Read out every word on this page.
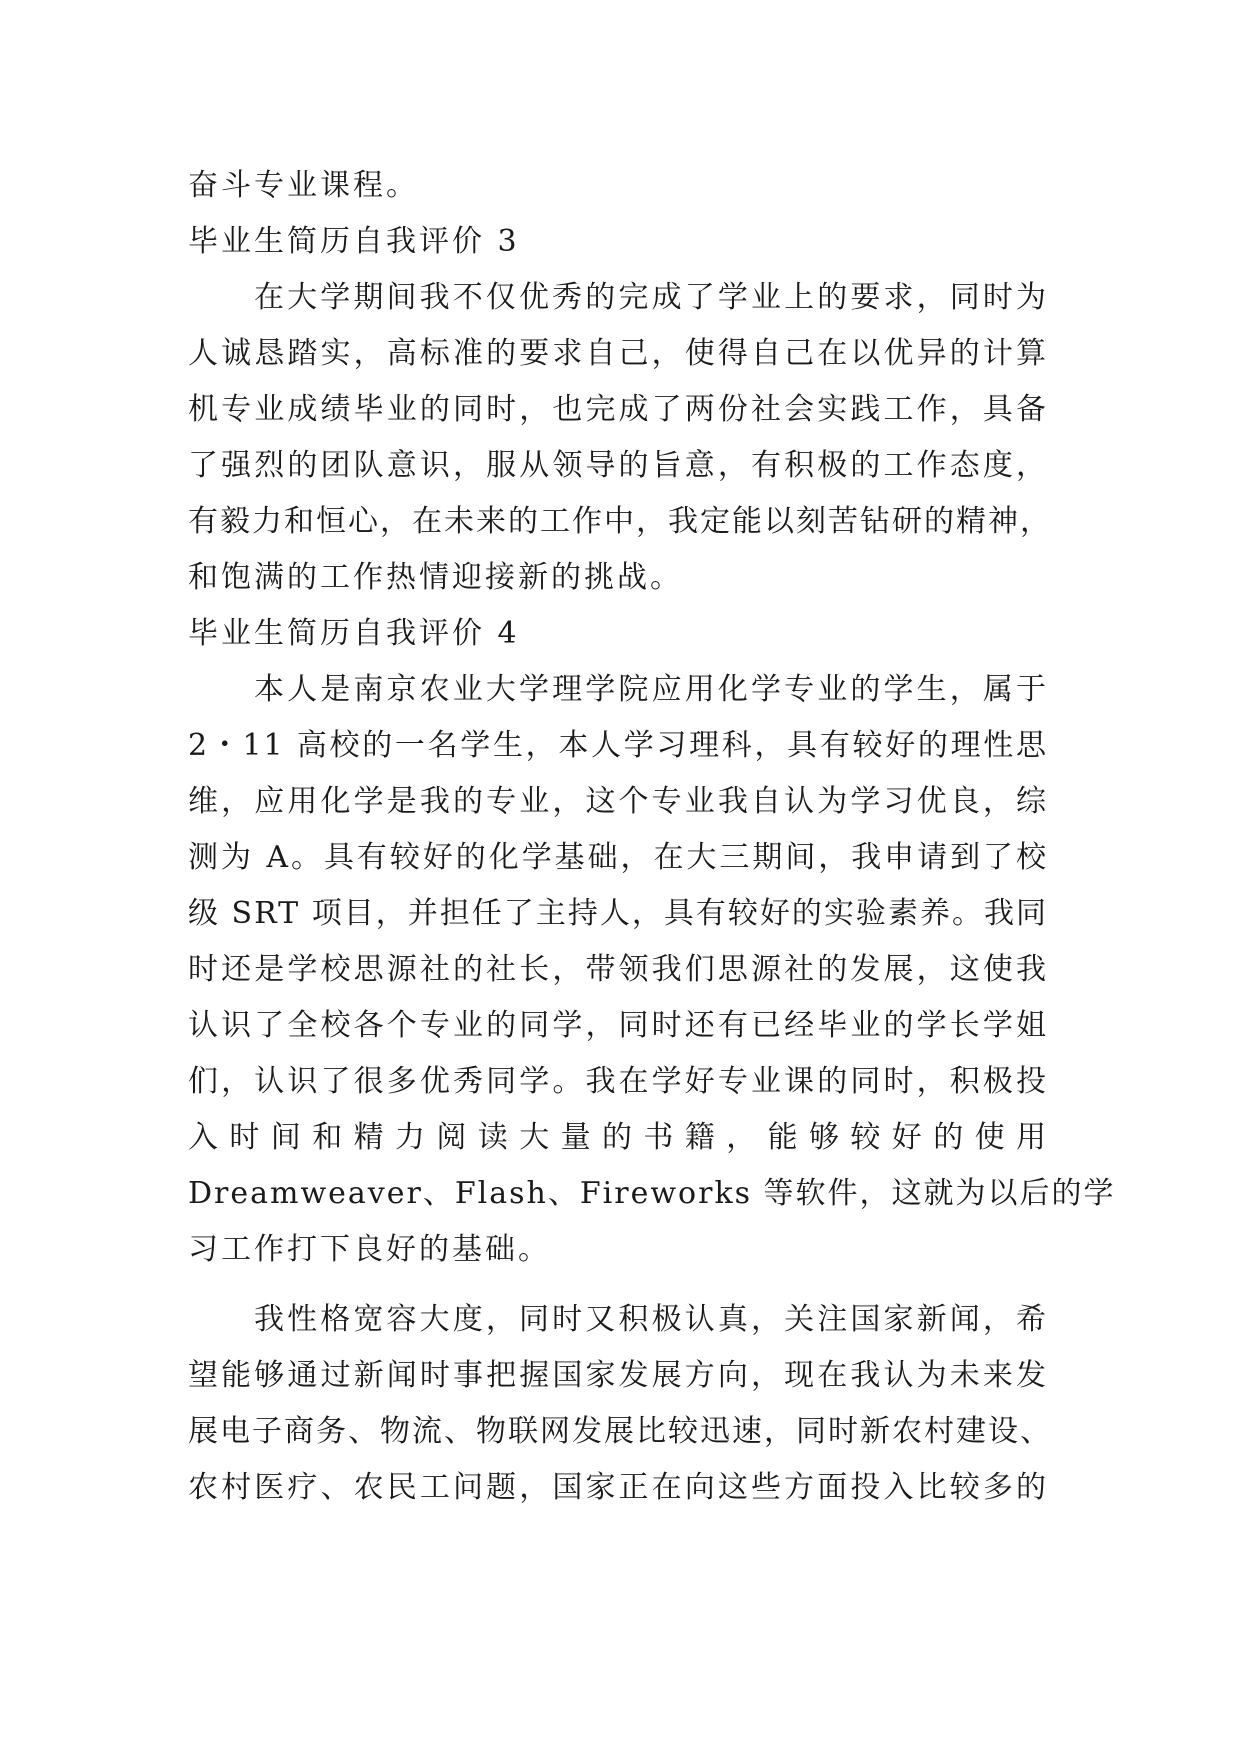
奋斗专业课程。
毕业生简历自我评价 3
在大学期间我不仅优秀的完成了学业上的要求，同时为
人诚恳踏实，高标准的要求自己，使得自己在以优异的计算
机专业成绩毕业的同时，也完成了两份社会实践工作，具备
了强烈的团队意识，服从领导的旨意，有积极的工作态度，
有毅力和恒心，在未来的工作中，我定能以刻苦钻研的精神，
和饱满的工作热情迎接新的挑战。
毕业生简历自我评价 4
本人是南京农业大学理学院应用化学专业的学生，属于
2・11 高校的一名学生，本人学习理科，具有较好的理性思
维，应用化学是我的专业，这个专业我自认为学习优良，综
测为 A。具有较好的化学基础，在大三期间，我申请到了校
级 SRT 项目，并担任了主持人，具有较好的实验素养。我同
时还是学校思源社的社长，带领我们思源社的发展，这使我
认识了全校各个专业的同学，同时还有已经毕业的学长学姐
们，认识了很多优秀同学。我在学好专业课的同时，积极投
入时间和精力阅读大量的书籍，能够较好的使用
Dreamweaver、Flash、Fireworks 等软件，这就为以后的学
习工作打下良好的基础。
我性格宽容大度，同时又积极认真，关注国家新闻，希
望能够通过新闻时事把握国家发展方向，现在我认为未来发
展电子商务、物流、物联网发展比较迅速，同时新农村建设、
农村医疗、农民工问题，国家正在向这些方面投入比较多的
